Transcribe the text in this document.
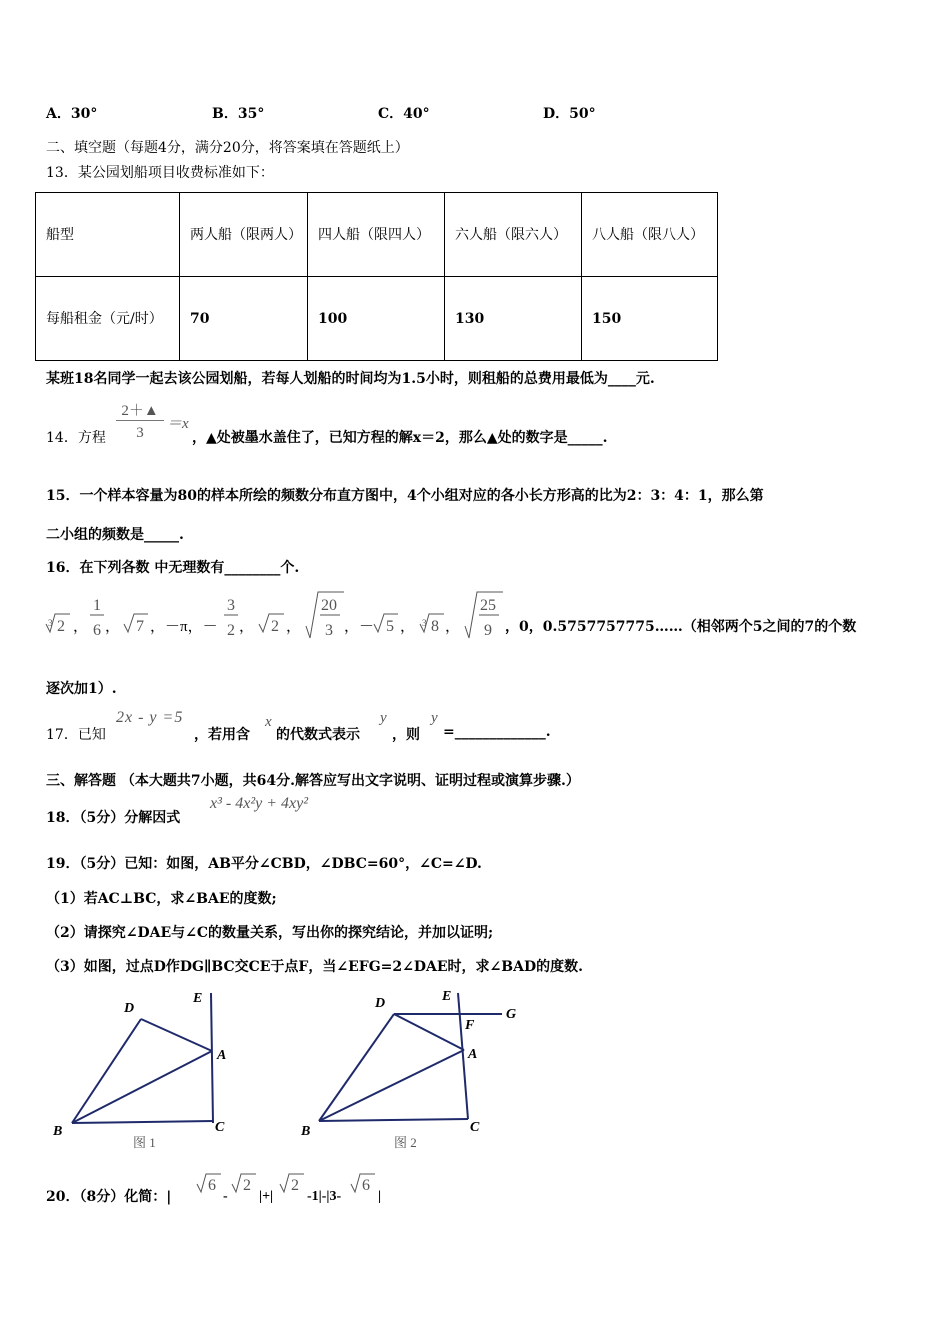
A．30°	B．35°	C．40°	D．50°
二、填空题（每题4分，满分20分，将答案填在答题纸上）
13．某公园划船项目收费标准如下：
船型	两人船（限两人）	四人船（限四人）	六人船（限六人）	八人船（限八人）
每船租金（元/时）	70	100	130	150
某班18名同学一起去该公园划船，若每人划船的时间均为1.5小时，则租船的总费用最低为____元.
14．方程
2＋▲
3
＝x
，▲处被墨水盖住了，已知方程的解x＝2，那么▲处的数字是_____.
15．一个样本容量为80的样本所绘的频数分布直方图中，4个小组对应的各小长方形高的比为2：3：4：1，那么第
二小组的频数是_____.
16．在下列各数 中无理数有________个.
3 2 ，
1
6 ， 7 ，－π，－
3
2 ， 2 ，
20
3 ，－ 5 ， 3 8 ，
25
9 ，0，0.5757757775……（相邻两个5之间的7的个数
逐次加1）.
17．已知
2x - y =5
，若用含
x
的代数式表示
y
，则
y
=_____________.
三、解答题 （本大题共7小题，共64分.解答应写出文字说明、证明过程或演算步骤.）
18．（5分）分解因式
x³ - 4x²y + 4xy²
19．（5分）已知：如图，AB平分∠CBD，∠DBC=60°，∠C=∠D.
（1）若AC⊥BC，求∠BAE的度数;
（2）请探究∠DAE与∠C的数量关系，写出你的探究结论，并加以证明;
（3）如图，过点D作DG∥BC交CE于点F，当∠EFG=2∠DAE时，求∠BAD的度数.
D
E
A
B	C
图 1
D	E
G
F
A
B	C
图 2
20．（8分）化简：|
6 2	2	6
- |+| -1|-|3-	|
